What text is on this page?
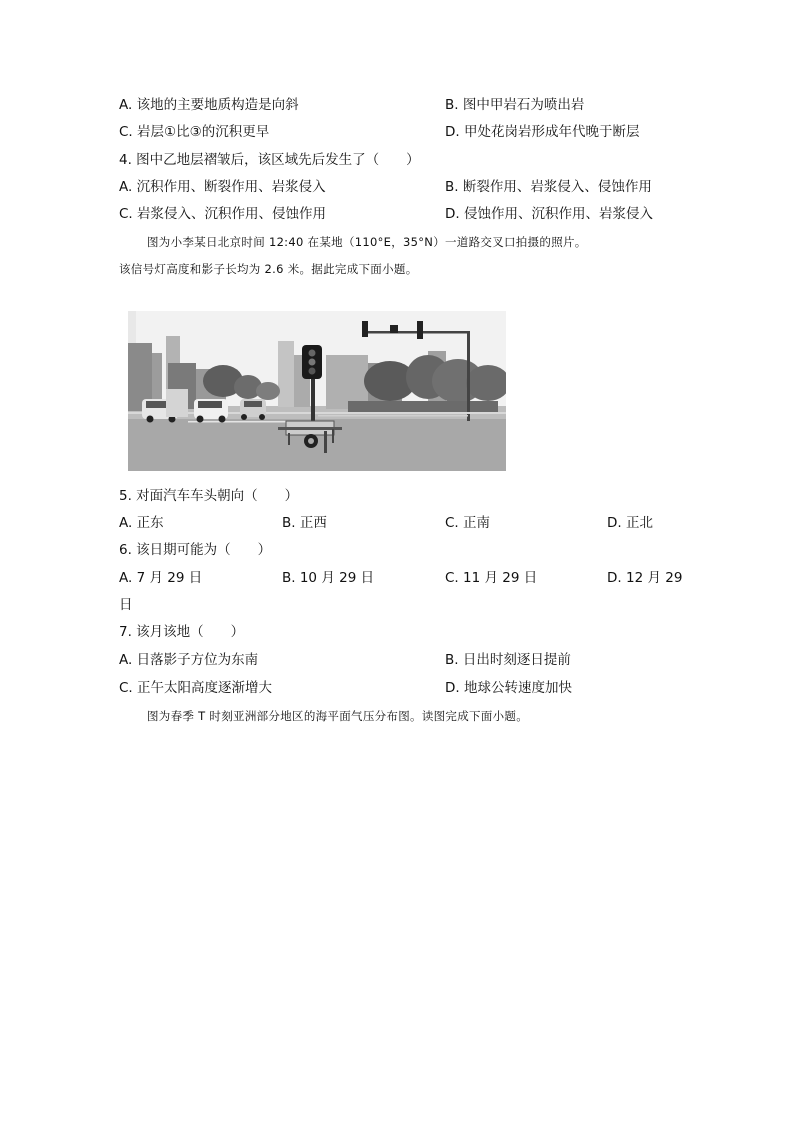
A. 该地的主要地质构造是向斜	B. 图中甲岩石为喷出岩
C. 岩层①比③的沉积更早	D. 甲处花岗岩形成年代晚于断层
4. 图中乙地层褶皱后，该区域先后发生了（　　）
A. 沉积作用、断裂作用、岩浆侵入	B. 断裂作用、岩浆侵入、侵蚀作用
C. 岩浆侵入、沉积作用、侵蚀作用	D. 侵蚀作用、沉积作用、岩浆侵入
图为小李某日北京时间 12:40 在某地（110°E，35°N）一道路交叉口拍摄的照片。
该信号灯高度和影子长均为 2.6 米。据此完成下面小题。
5. 对面汽车车头朝向（　　）
A. 正东	B. 正西	C. 正南	D. 正北
6. 该日期可能为（　　）
A. 7 月 29 日	B. 10 月 29 日	C. 11 月 29 日	D. 12 月 29
日
7. 该月该地（　　）
A. 日落影子方位为东南	B. 日出时刻逐日提前
C. 正午太阳高度逐渐增大	D. 地球公转速度加快
图为春季 T 时刻亚洲部分地区的海平面气压分布图。读图完成下面小题。
